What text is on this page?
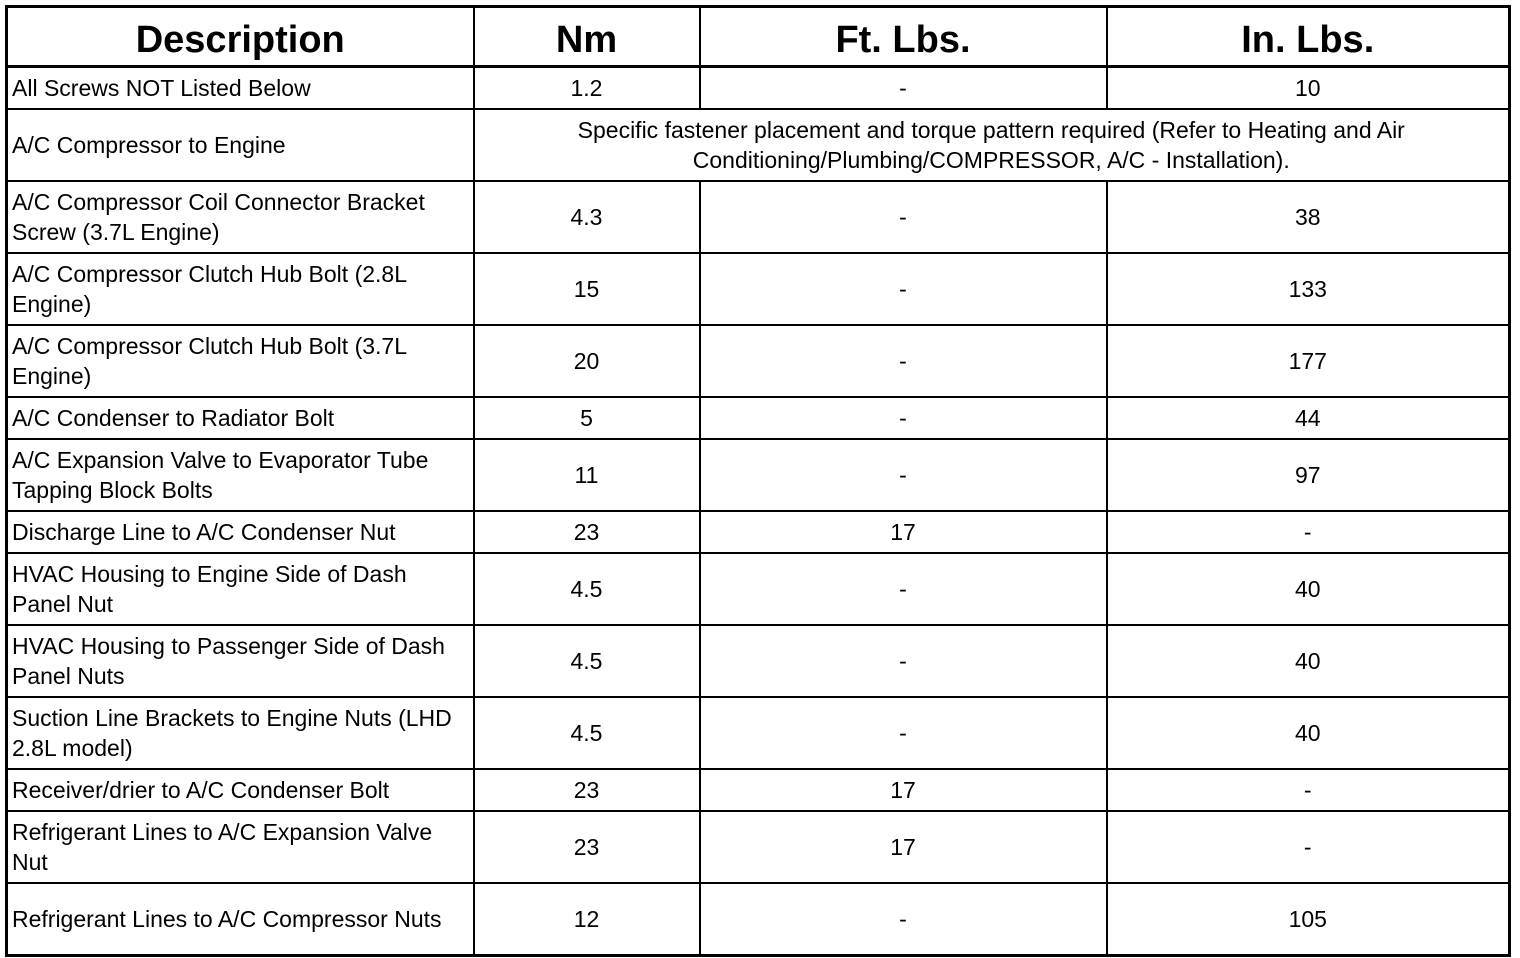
Description	Nm	Ft. Lbs.	In. Lbs.
All Screws NOT Listed Below	1.2	-	10
A/C Compressor to Engine	Specific fastener placement and torque pattern required (Refer to Heating and Air Conditioning/Plumbing/COMPRESSOR, A/C - Installation).		
A/C Compressor Coil Connector Bracket Screw (3.7L Engine)	4.3	-	38
A/C Compressor Clutch Hub Bolt (2.8L Engine)	15	-	133
A/C Compressor Clutch Hub Bolt (3.7L Engine)	20	-	177
A/C Condenser to Radiator Bolt	5	-	44
A/C Expansion Valve to Evaporator Tube Tapping Block Bolts	11	-	97
Discharge Line to A/C Condenser Nut	23	17	-
HVAC Housing to Engine Side of Dash Panel Nut	4.5	-	40
HVAC Housing to Passenger Side of Dash Panel Nuts	4.5	-	40
Suction Line Brackets to Engine Nuts (LHD 2.8L model)	4.5	-	40
Receiver/drier to A/C Condenser Bolt	23	17	-
Refrigerant Lines to A/C Expansion Valve Nut	23	17	-
Refrigerant Lines to A/C Compressor Nuts	12	-	105
